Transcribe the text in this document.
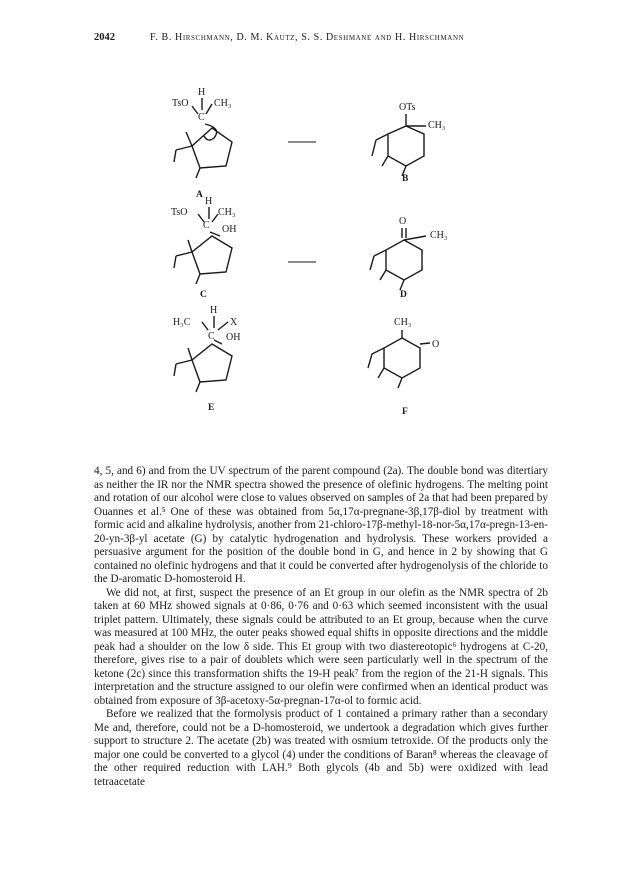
2042	F. B. Hirschmann, D. M. Kautz, S. S. Deshmane and H. Hirschmann
TsO
H
CH₃
C
A
OTs
CH₃
B
TsO
H
CH₃
C OH
C
O
CH₃
D
H₃C
H
X
C OH
E
CH₃
O
F

4, 5, and 6) and from the UV spectrum of the parent compound (2a). The double bond was ditertiary as neither the IR nor the NMR spectra showed the presence of olefinic hydrogens. The melting point and rotation of our alcohol were close to values observed on samples of 2a that had been prepared by Ouannes et al.⁵ One of these was obtained from 5α,17α-pregnane-3β,17β-diol by treatment with formic acid and alkaline hydrolysis, another from 21-chloro-17β-methyl-18-nor-5α,17α-pregn-13-en-20-yn-3β-yl acetate (G) by catalytic hydrogenation and hydrolysis. These workers provided a persuasive argument for the position of the double bond in G, and hence in 2 by showing that G contained no olefinic hydrogens and that it could be converted after hydrogenolysis of the chloride to the D-aromatic D-homosteroid H.

We did not, at first, suspect the presence of an Et group in our olefin as the NMR spectra of 2b taken at 60 MHz showed signals at 0·86, 0·76 and 0·63 which seemed inconsistent with the usual triplet pattern. Ultimately, these signals could be attributed to an Et group, because when the curve was measured at 100 MHz, the outer peaks showed equal shifts in opposite directions and the middle peak had a shoulder on the low δ side. This Et group with two diastereotopic⁶ hydrogens at C-20, therefore, gives rise to a pair of doublets which were seen particularly well in the spectrum of the ketone (2c) since this transformation shifts the 19-H peak⁷ from the region of the 21-H signals. This interpretation and the structure assigned to our olefin were confirmed when an identical product was obtained from exposure of 3β-acetoxy-5α-pregnan-17α-ol to formic acid.

Before we realized that the formolysis product of 1 contained a primary rather than a secondary Me and, therefore, could not be a D-homosteroid, we undertook a degradation which gives further support to structure 2. The acetate (2b) was treated with osmium tetroxide. Of the products only the major one could be converted to a glycol (4) under the conditions of Baran⁸ whereas the cleavage of the other required reduction with LAH.⁹ Both glycols (4b and 5b) were oxidized with lead tetraacetate
